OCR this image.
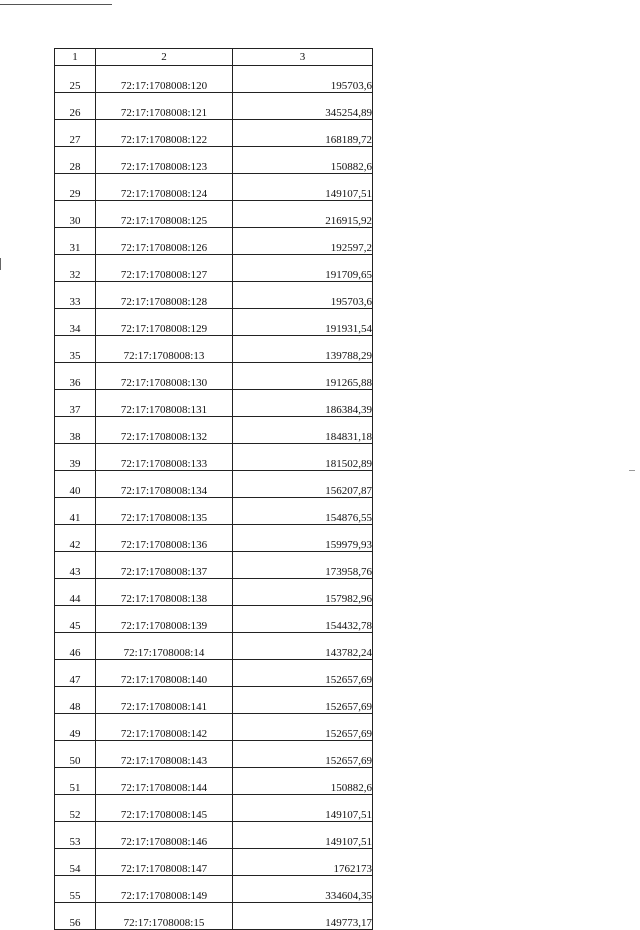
1	2	3
25	72:17:1708008:120	195703,6
26	72:17:1708008:121	345254,89
27	72:17:1708008:122	168189,72
28	72:17:1708008:123	150882,6
29	72:17:1708008:124	149107,51
30	72:17:1708008:125	216915,92
31	72:17:1708008:126	192597,2
32	72:17:1708008:127	191709,65
33	72:17:1708008:128	195703,6
34	72:17:1708008:129	191931,54
35	72:17:1708008:13	139788,29
36	72:17:1708008:130	191265,88
37	72:17:1708008:131	186384,39
38	72:17:1708008:132	184831,18
39	72:17:1708008:133	181502,89
40	72:17:1708008:134	156207,87
41	72:17:1708008:135	154876,55
42	72:17:1708008:136	159979,93
43	72:17:1708008:137	173958,76
44	72:17:1708008:138	157982,96
45	72:17:1708008:139	154432,78
46	72:17:1708008:14	143782,24
47	72:17:1708008:140	152657,69
48	72:17:1708008:141	152657,69
49	72:17:1708008:142	152657,69
50	72:17:1708008:143	152657,69
51	72:17:1708008:144	150882,6
52	72:17:1708008:145	149107,51
53	72:17:1708008:146	149107,51
54	72:17:1708008:147	1762173
55	72:17:1708008:149	334604,35
56	72:17:1708008:15	149773,17
